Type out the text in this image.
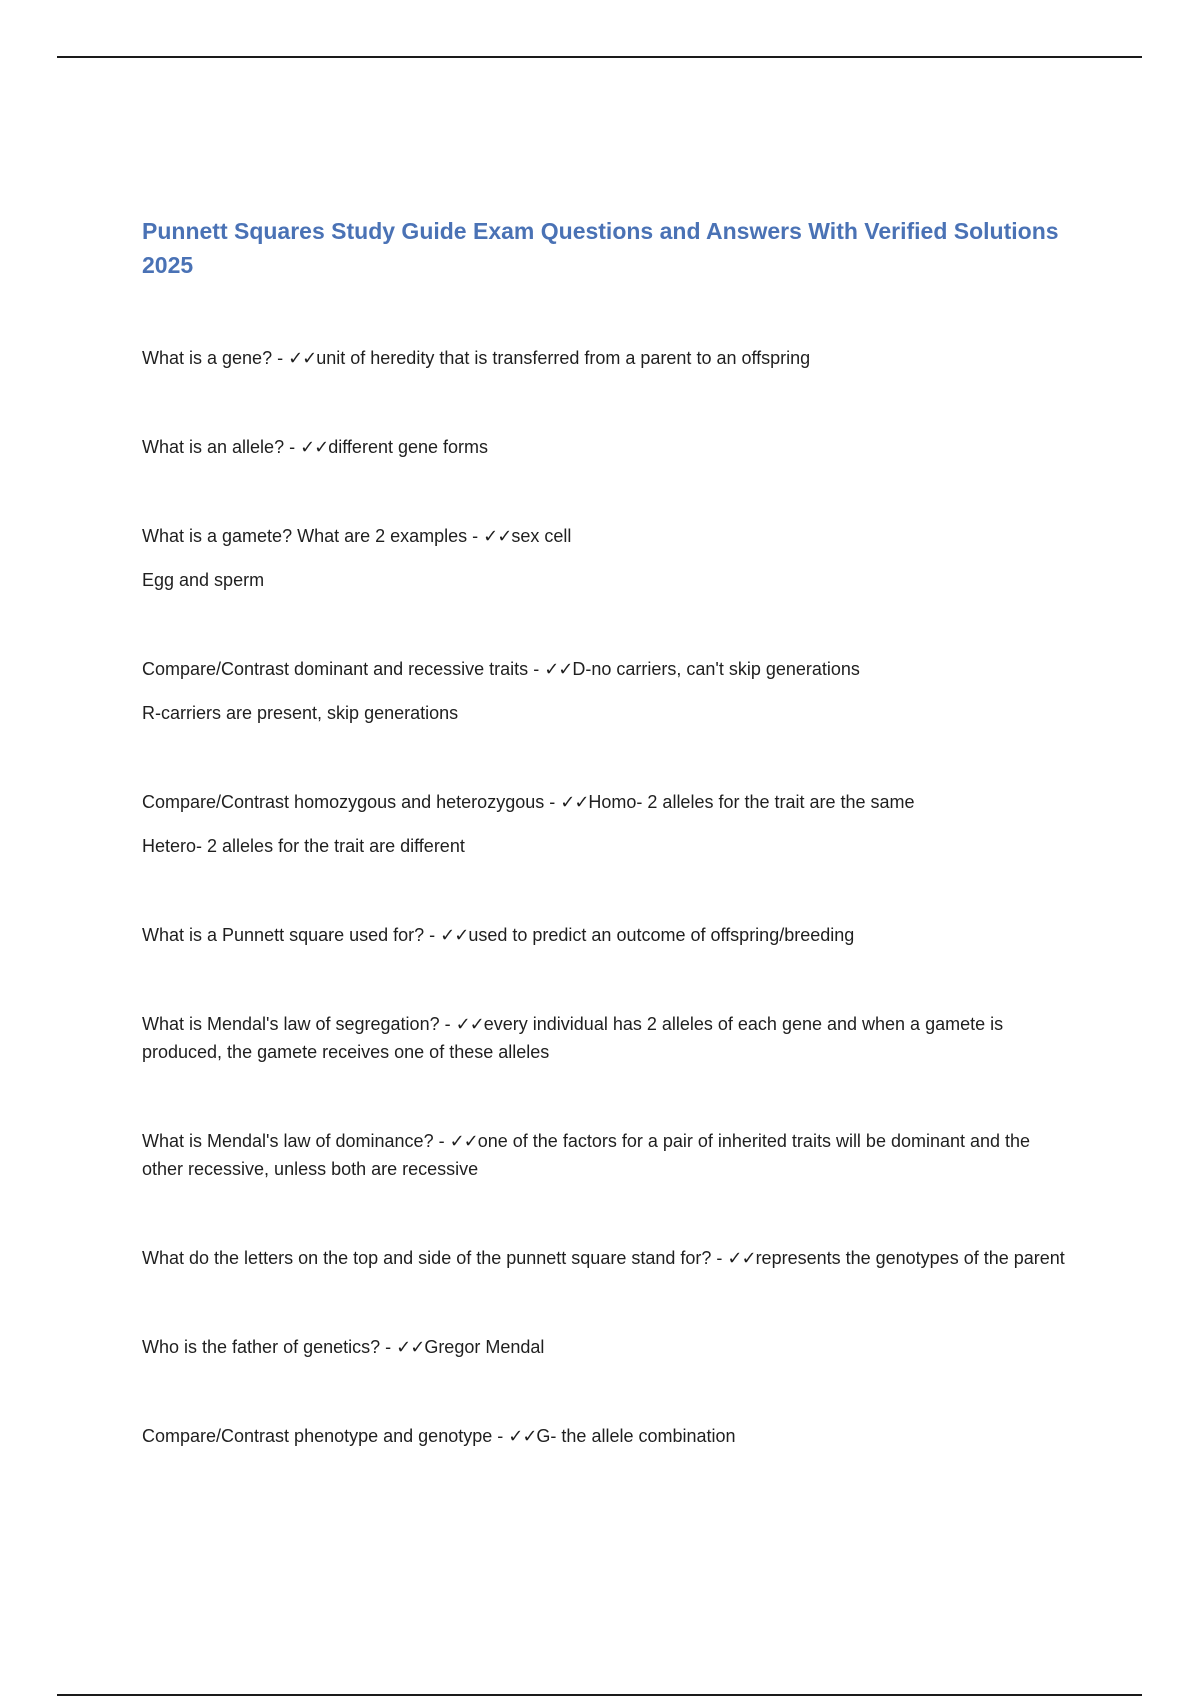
Punnett Squares Study Guide Exam Questions and Answers With Verified Solutions 2025
What is a gene? - ✓✓unit of heredity that is transferred from a parent to an offspring
What is an allele? - ✓✓different gene forms
What is a gamete? What are 2 examples - ✓✓sex cell
Egg and sperm
Compare/Contrast dominant and recessive traits - ✓✓D-no carriers, can't skip generations
R-carriers are present, skip generations
Compare/Contrast homozygous and heterozygous - ✓✓Homo- 2 alleles for the trait are the same
Hetero- 2 alleles for the trait are different
What is a Punnett square used for? - ✓✓used to predict an outcome of offspring/breeding
What is Mendal's law of segregation? - ✓✓every individual has 2 alleles of each gene and when a gamete is produced, the gamete receives one of these alleles
What is Mendal's law of dominance? - ✓✓one of the factors for a pair of inherited traits will be dominant and the other recessive, unless both are recessive
What do the letters on the top and side of the punnett square stand for? - ✓✓represents the genotypes of the parent
Who is the father of genetics? - ✓✓Gregor Mendal
Compare/Contrast phenotype and genotype - ✓✓G- the allele combination
